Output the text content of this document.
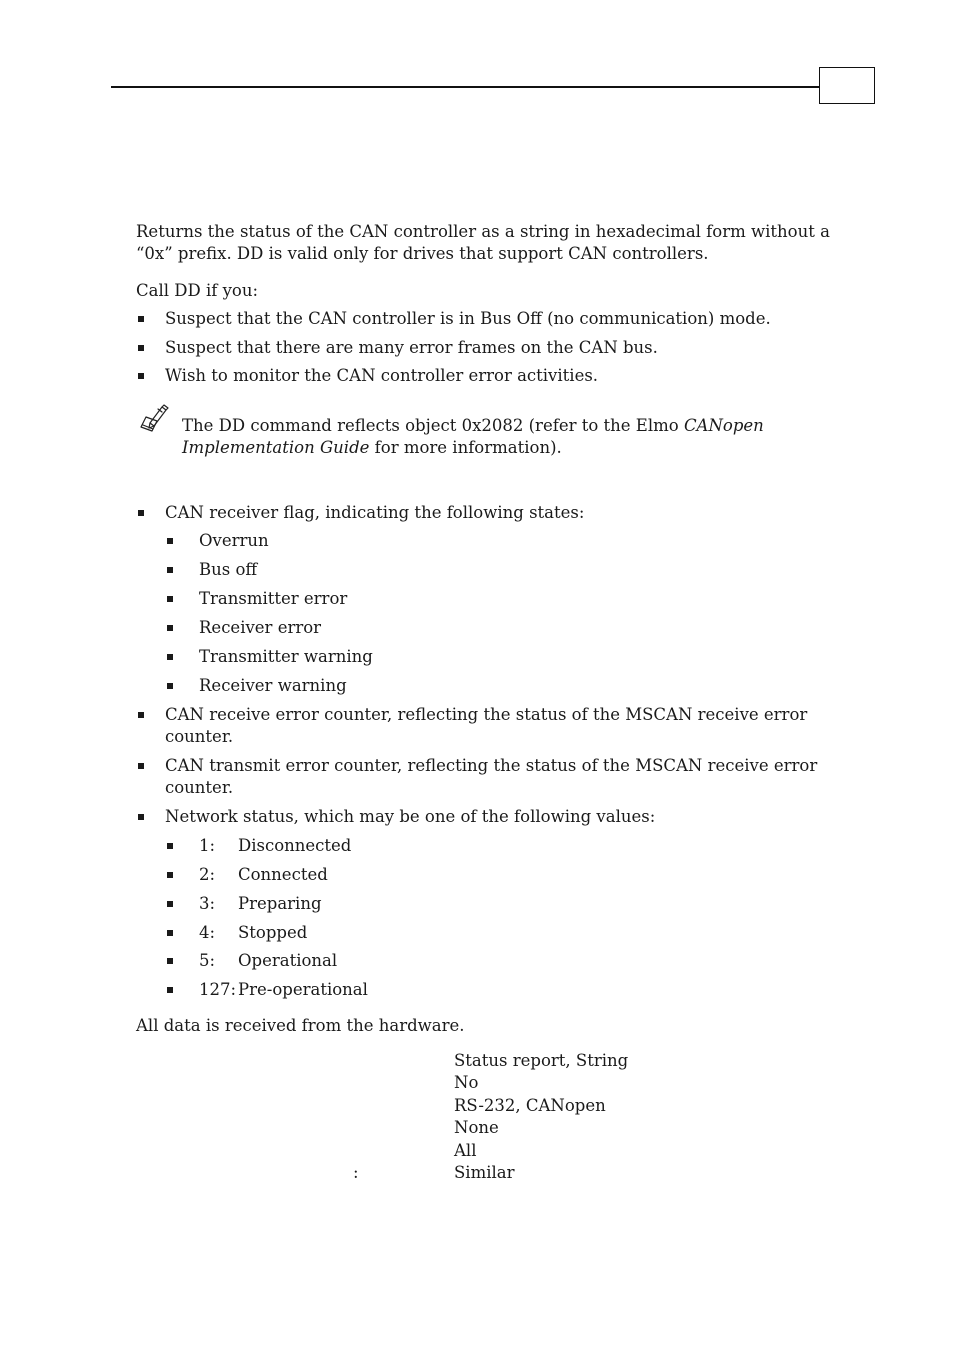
Returns the status of the CAN controller as a string in hexadecimal form without a
“0x” prefix. DD is valid only for drives that support CAN controllers.
Call DD if you:
Suspect that the CAN controller is in Bus Off (no communication) mode.
Suspect that there are many error frames on the CAN bus.
Wish to monitor the CAN controller error activities.
The DD command reflects object 0x2082 (refer to the Elmo CANopen
Implementation Guide for more information).
CAN receiver flag, indicating the following states:
Overrun
Bus off
Transmitter error
Receiver error
Transmitter warning
Receiver warning
CAN receive error counter, reflecting the status of the MSCAN receive error
counter.
CAN transmit error counter, reflecting the status of the MSCAN receive error
counter.
Network status, which may be one of the following values:
1: Disconnected
2: Connected
3: Preparing
4: Stopped
5: Operational
127: Pre-operational
All data is received from the hardware.
Status report, String
No
RS-232, CANopen
None
All
:	Similar
